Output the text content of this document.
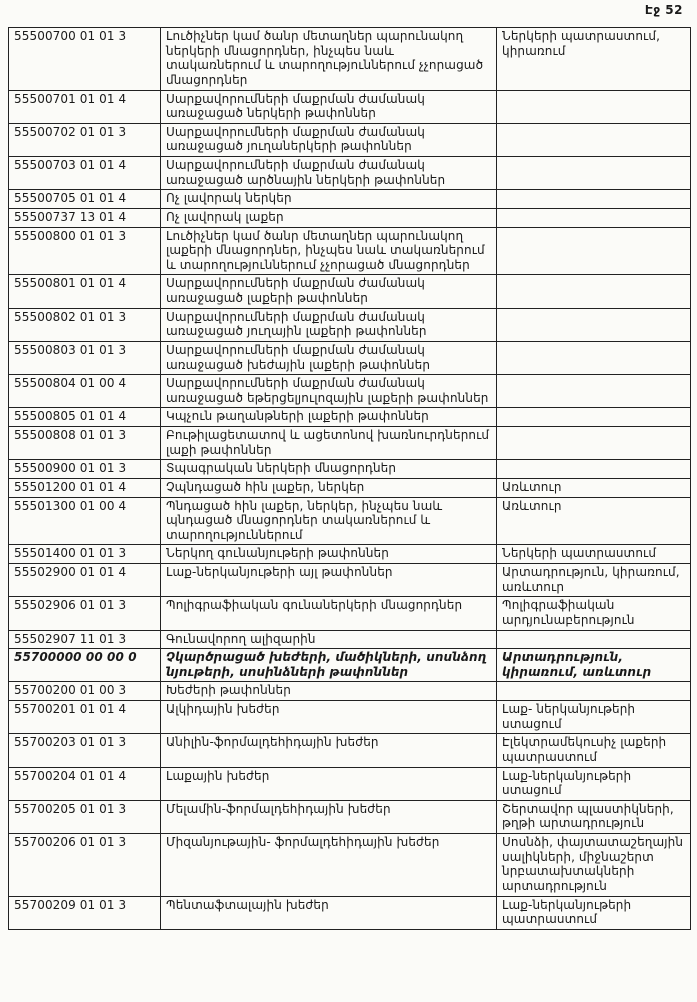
Էջ 52
55500700 01 01 3	Լուծիչներ կամ ծանր մետաղներ պարունակող ներկերի մնացորդներ, ինչպես նաև տակառներում և տարողություններում չչորացած մնացորդներ	Ներկերի պատրաստում, կիրառում
55500701 01 01 4	Սարքավորումների մաքրման ժամանակ առաջացած ներկերի թափոններ	
55500702 01 01 3	Սարքավորումների մաքրման ժամանակ առաջացած յուղաներկերի թափոններ	
55500703 01 01 4	Սարքավորումների մաքրման ժամանակ առաջացած արծնային ներկերի թափոններ	
55500705 01 01 4	Ոչ լավորակ ներկեր	
55500737 13 01 4	Ոչ լավորակ լաքեր	
55500800 01 01 3	Լուծիչներ կամ ծանր մետաղներ պարունակող լաքերի մնացորդներ, ինչպես նաև տակառներում և տարողություններում չչորացած մնացորդներ	
55500801 01 01 4	Սարքավորումների մաքրման ժամանակ առաջացած լաքերի թափոններ	
55500802 01 01 3	Սարքավորումների մաքրման ժամանակ առաջացած յուղային լաքերի թափոններ	
55500803 01 01 3	Սարքավորումների մաքրման ժամանակ առաջացած խեժային լաքերի թափոններ	
55500804 01 00 4	Սարքավորումների մաքրման ժամանակ առաջացած եթերցելյուլոզային լաքերի թափոններ	
55500805 01 01 4	Կպչուն թաղանթների լաքերի թափոններ	
55500808 01 01 3	Բութիլացետատով և ացետոնով խառնուրդներում լաքի թափոններ	
55500900 01 01 3	Տպագրական ներկերի մնացորդներ	
55501200 01 01 4	Չպնդացած հին լաքեր, ներկեր	Առևտուր
55501300 01 00 4	Պնդացած հին լաքեր, ներկեր, ինչպես նաև պնդացած մնացորդներ տակառներում և տարողություններում	Առևտուր
55501400 01 01 3	Ներկող գունանյութերի թափոններ	Ներկերի պատրաստում
55502900 01 01 4	Լաք-ներկանյութերի այլ թափոններ	Արտադրություն, կիրառում, առևտուր
55502906 01 01 3	Պոլիգրաֆիական գունաներկերի մնացորդներ	Պոլիգրաֆիական արդյունաբերություն
55502907 11 01 3	Գունավորող ալիզարին	
55700000 00 00 0	Չկարծրացած խեժերի, մածիկների, սոսնձող նյութերի, սոսինձների թափոններ	Արտադրություն, կիրառում, առևտուր
55700200 01 00 3	Խեժերի թափոններ	
55700201 01 01 4	Ալկիդային խեժեր	Լաք- ներկանյութերի ստացում
55700203 01 01 3	Անիլին-ֆորմալդեհիդային խեժեր	Էլեկտրամեկուսիչ լաքերի պատրաստում
55700204 01 01 4	Լաքային խեժեր	Լաք-ներկանյութերի ստացում
55700205 01 01 3	Մելամին-ֆորմալդեհիդային խեժեր	Շերտավոր պլաստիկների, թղթի արտադրություն
55700206 01 01 3	Միզանյութային- ֆորմալդեհիդային խեժեր	Սոսնձի, փայտատաշեղային սալիկների, միջնաշերտ նրբատախտակների արտադրություն
55700209 01 01 3	Պենտաֆտալային խեժեր	Լաք-ներկանյութերի պատրաստում
